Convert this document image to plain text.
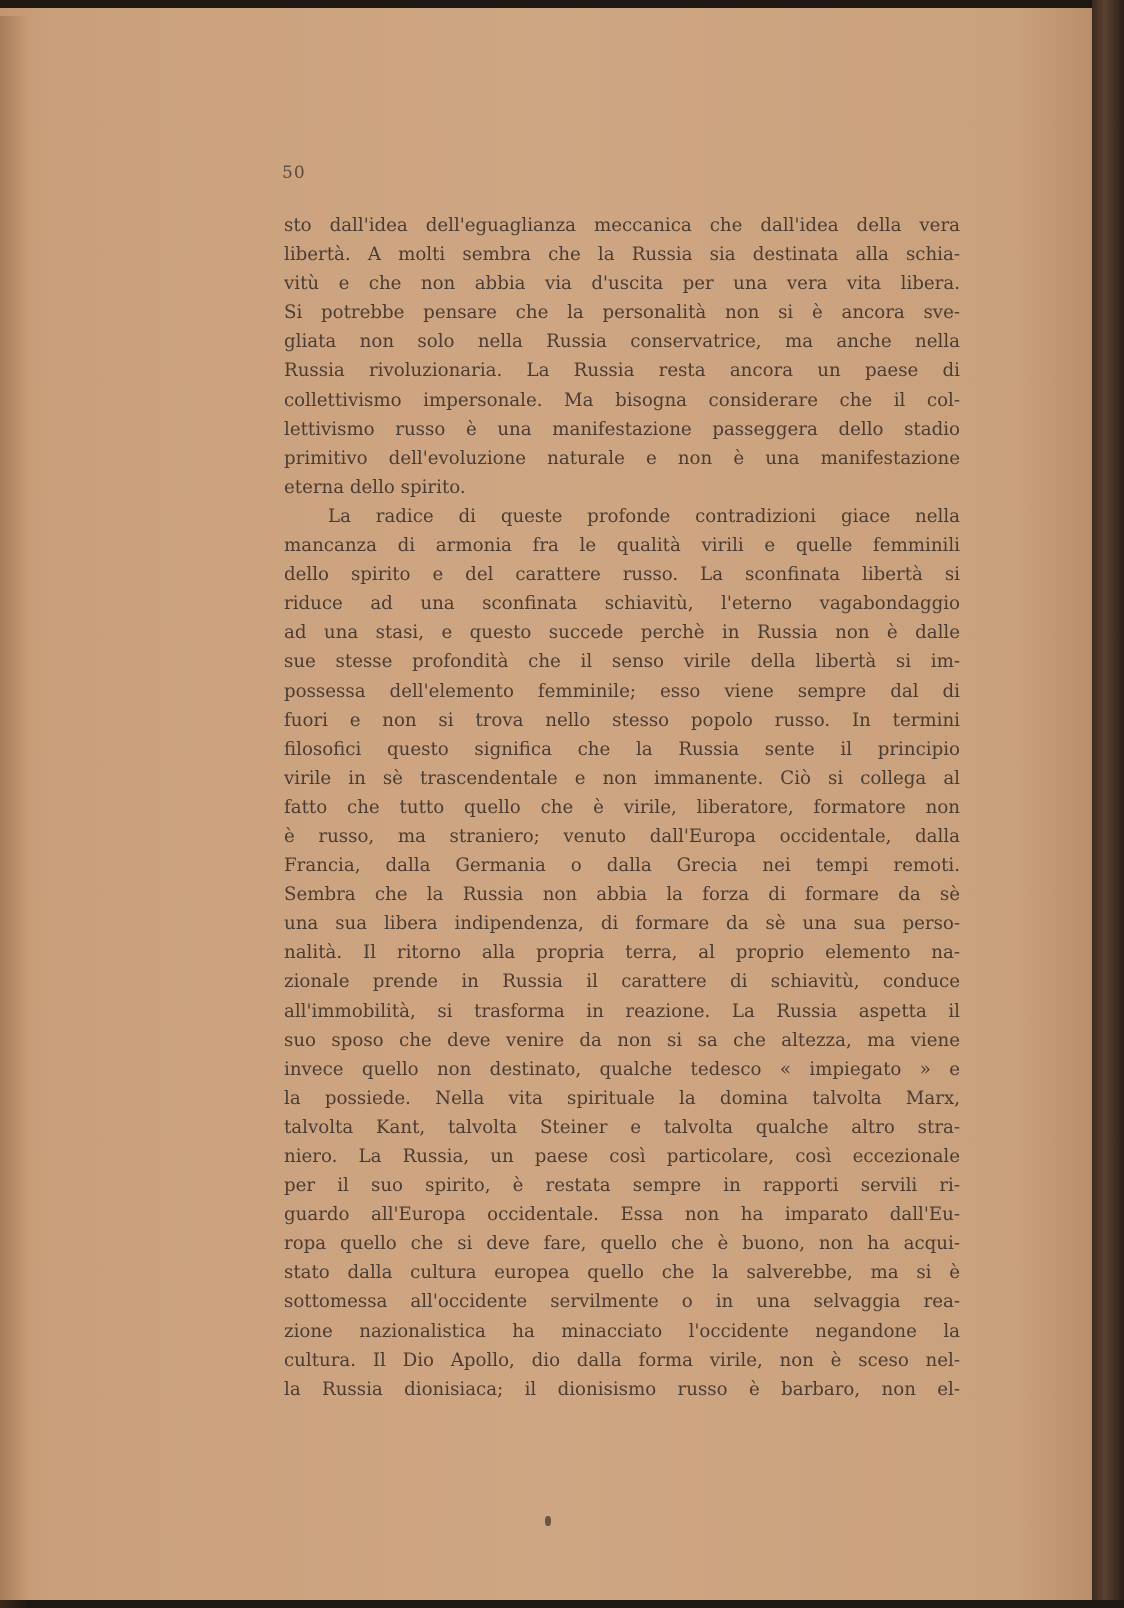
50
sto dall'idea dell'eguaglianza meccanica che dall'idea della vera
libertà. A molti sembra che la Russia sia destinata alla schia-
vitù e che non abbia via d'uscita per una vera vita libera.
Si potrebbe pensare che la personalità non si è ancora sve-
gliata non solo nella Russia conservatrice, ma anche nella
Russia rivoluzionaria. La Russia resta ancora un paese di
collettivismo impersonale. Ma bisogna considerare che il col-
lettivismo russo è una manifestazione passeggera dello stadio
primitivo dell'evoluzione naturale e non è una manifestazione
eterna dello spirito.
La radice di queste profonde contradizioni giace nella
mancanza di armonia fra le qualità virili e quelle femminili
dello spirito e del carattere russo. La sconfinata libertà si
riduce ad una sconfinata schiavitù, l'eterno vagabondaggio
ad una stasi, e questo succede perchè in Russia non è dalle
sue stesse profondità che il senso virile della libertà si im-
possessa dell'elemento femminile; esso viene sempre dal di
fuori e non si trova nello stesso popolo russo. In termini
filosofici questo significa che la Russia sente il principio
virile in sè trascendentale e non immanente. Ciò si collega al
fatto che tutto quello che è virile, liberatore, formatore non
è russo, ma straniero; venuto dall'Europa occidentale, dalla
Francia, dalla Germania o dalla Grecia nei tempi remoti.
Sembra che la Russia non abbia la forza di formare da sè
una sua libera indipendenza, di formare da sè una sua perso-
nalità. Il ritorno alla propria terra, al proprio elemento na-
zionale prende in Russia il carattere di schiavitù, conduce
all'immobilità, si trasforma in reazione. La Russia aspetta il
suo sposo che deve venire da non si sa che altezza, ma viene
invece quello non destinato, qualche tedesco « impiegato » e
la possiede. Nella vita spirituale la domina talvolta Marx,
talvolta Kant, talvolta Steiner e talvolta qualche altro stra-
niero. La Russia, un paese così particolare, così eccezionale
per il suo spirito, è restata sempre in rapporti servili ri-
guardo all'Europa occidentale. Essa non ha imparato dall'Eu-
ropa quello che si deve fare, quello che è buono, non ha acqui-
stato dalla cultura europea quello che la salverebbe, ma si è
sottomessa all'occidente servilmente o in una selvaggia rea-
zione nazionalistica ha minacciato l'occidente negandone la
cultura. Il Dio Apollo, dio dalla forma virile, non è sceso nel-
la Russia dionisiaca; il dionisismo russo è barbaro, non el-
